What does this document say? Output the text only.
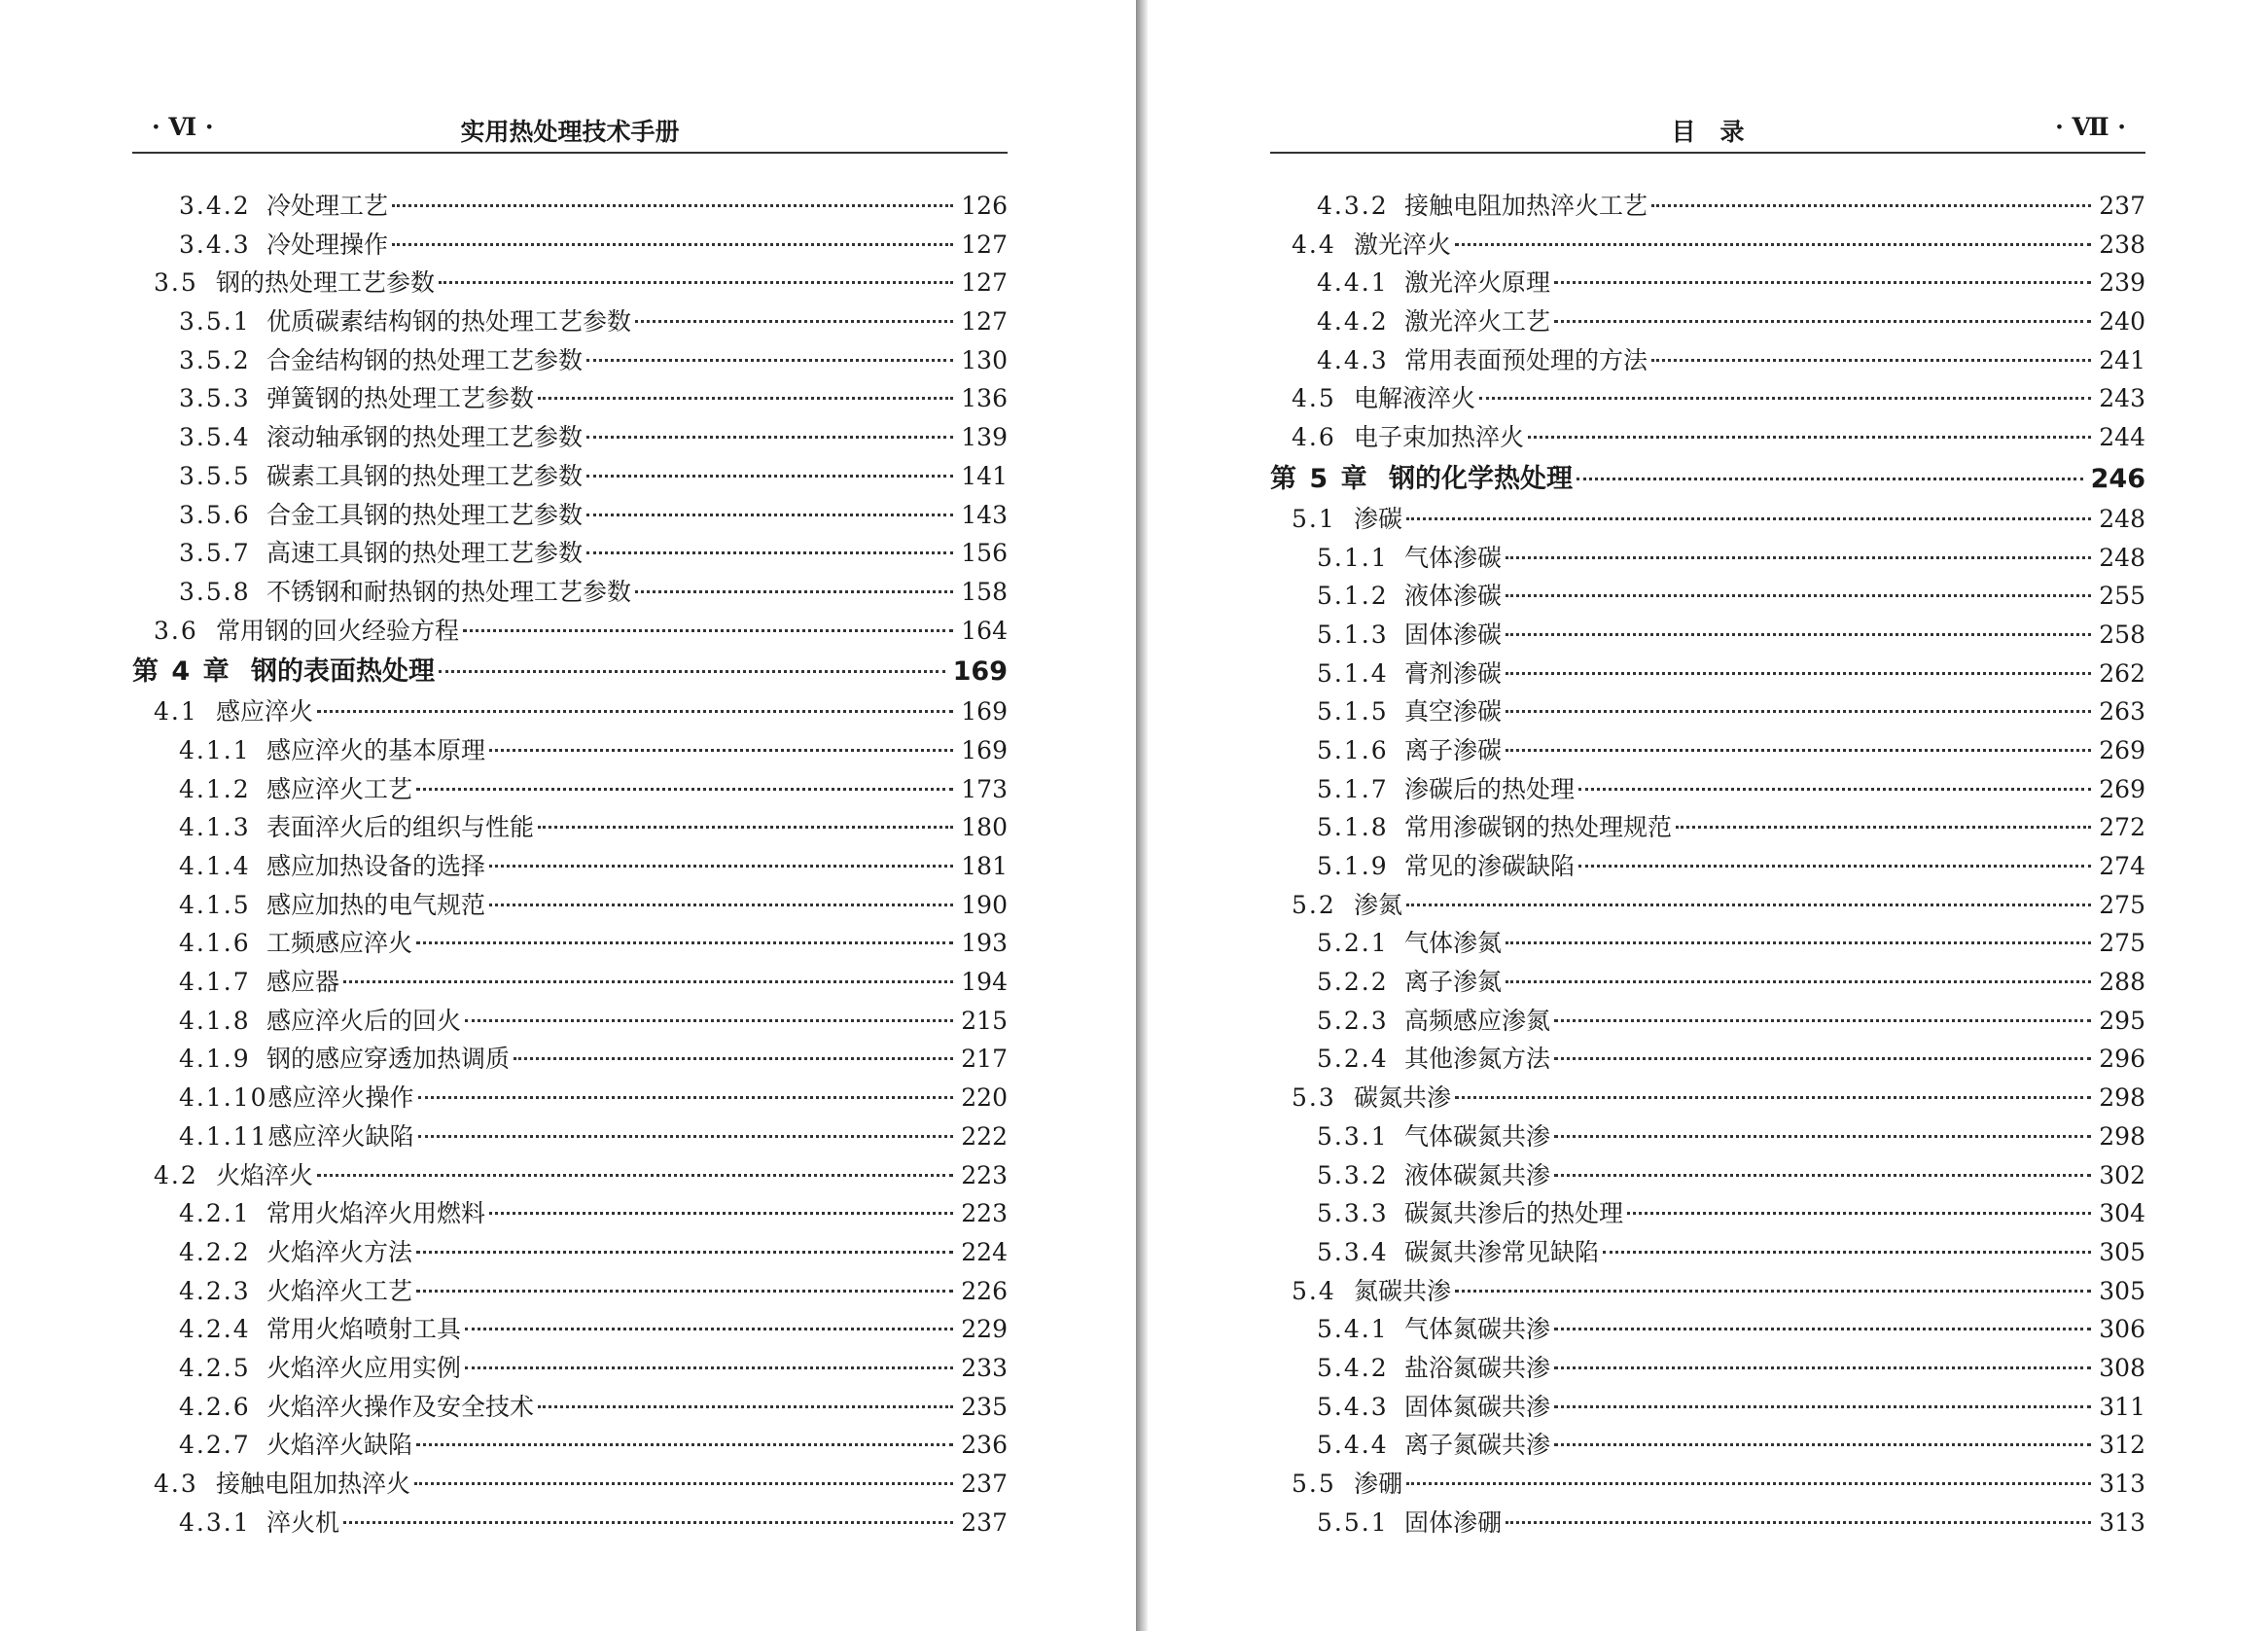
· Ⅵ ·	实用热处理技术手册
3.4.2 冷处理工艺	126
3.4.3 冷处理操作	127
3.5 钢的热处理工艺参数	127
3.5.1 优质碳素结构钢的热处理工艺参数	127
3.5.2 合金结构钢的热处理工艺参数	130
3.5.3 弹簧钢的热处理工艺参数	136
3.5.4 滚动轴承钢的热处理工艺参数	139
3.5.5 碳素工具钢的热处理工艺参数	141
3.5.6 合金工具钢的热处理工艺参数	143
3.5.7 高速工具钢的热处理工艺参数	156
3.5.8 不锈钢和耐热钢的热处理工艺参数	158
3.6 常用钢的回火经验方程	164
第 4 章 钢的表面热处理	169
4.1 感应淬火	169
4.1.1 感应淬火的基本原理	169
4.1.2 感应淬火工艺	173
4.1.3 表面淬火后的组织与性能	180
4.1.4 感应加热设备的选择	181
4.1.5 感应加热的电气规范	190
4.1.6 工频感应淬火	193
4.1.7 感应器	194
4.1.8 感应淬火后的回火	215
4.1.9 钢的感应穿透加热调质	217
4.1.10 感应淬火操作	220
4.1.11 感应淬火缺陷	222
4.2 火焰淬火	223
4.2.1 常用火焰淬火用燃料	223
4.2.2 火焰淬火方法	224
4.2.3 火焰淬火工艺	226
4.2.4 常用火焰喷射工具	229
4.2.5 火焰淬火应用实例	233
4.2.6 火焰淬火操作及安全技术	235
4.2.7 火焰淬火缺陷	236
4.3 接触电阻加热淬火	237
4.3.1 淬火机	237
目　录	· Ⅶ ·
4.3.2 接触电阻加热淬火工艺	237
4.4 激光淬火	238
4.4.1 激光淬火原理	239
4.4.2 激光淬火工艺	240
4.4.3 常用表面预处理的方法	241
4.5 电解液淬火	243
4.6 电子束加热淬火	244
第 5 章 钢的化学热处理	246
5.1 渗碳	248
5.1.1 气体渗碳	248
5.1.2 液体渗碳	255
5.1.3 固体渗碳	258
5.1.4 膏剂渗碳	262
5.1.5 真空渗碳	263
5.1.6 离子渗碳	269
5.1.7 渗碳后的热处理	269
5.1.8 常用渗碳钢的热处理规范	272
5.1.9 常见的渗碳缺陷	274
5.2 渗氮	275
5.2.1 气体渗氮	275
5.2.2 离子渗氮	288
5.2.3 高频感应渗氮	295
5.2.4 其他渗氮方法	296
5.3 碳氮共渗	298
5.3.1 气体碳氮共渗	298
5.3.2 液体碳氮共渗	302
5.3.3 碳氮共渗后的热处理	304
5.3.4 碳氮共渗常见缺陷	305
5.4 氮碳共渗	305
5.4.1 气体氮碳共渗	306
5.4.2 盐浴氮碳共渗	308
5.4.3 固体氮碳共渗	311
5.4.4 离子氮碳共渗	312
5.5 渗硼	313
5.5.1 固体渗硼	313
